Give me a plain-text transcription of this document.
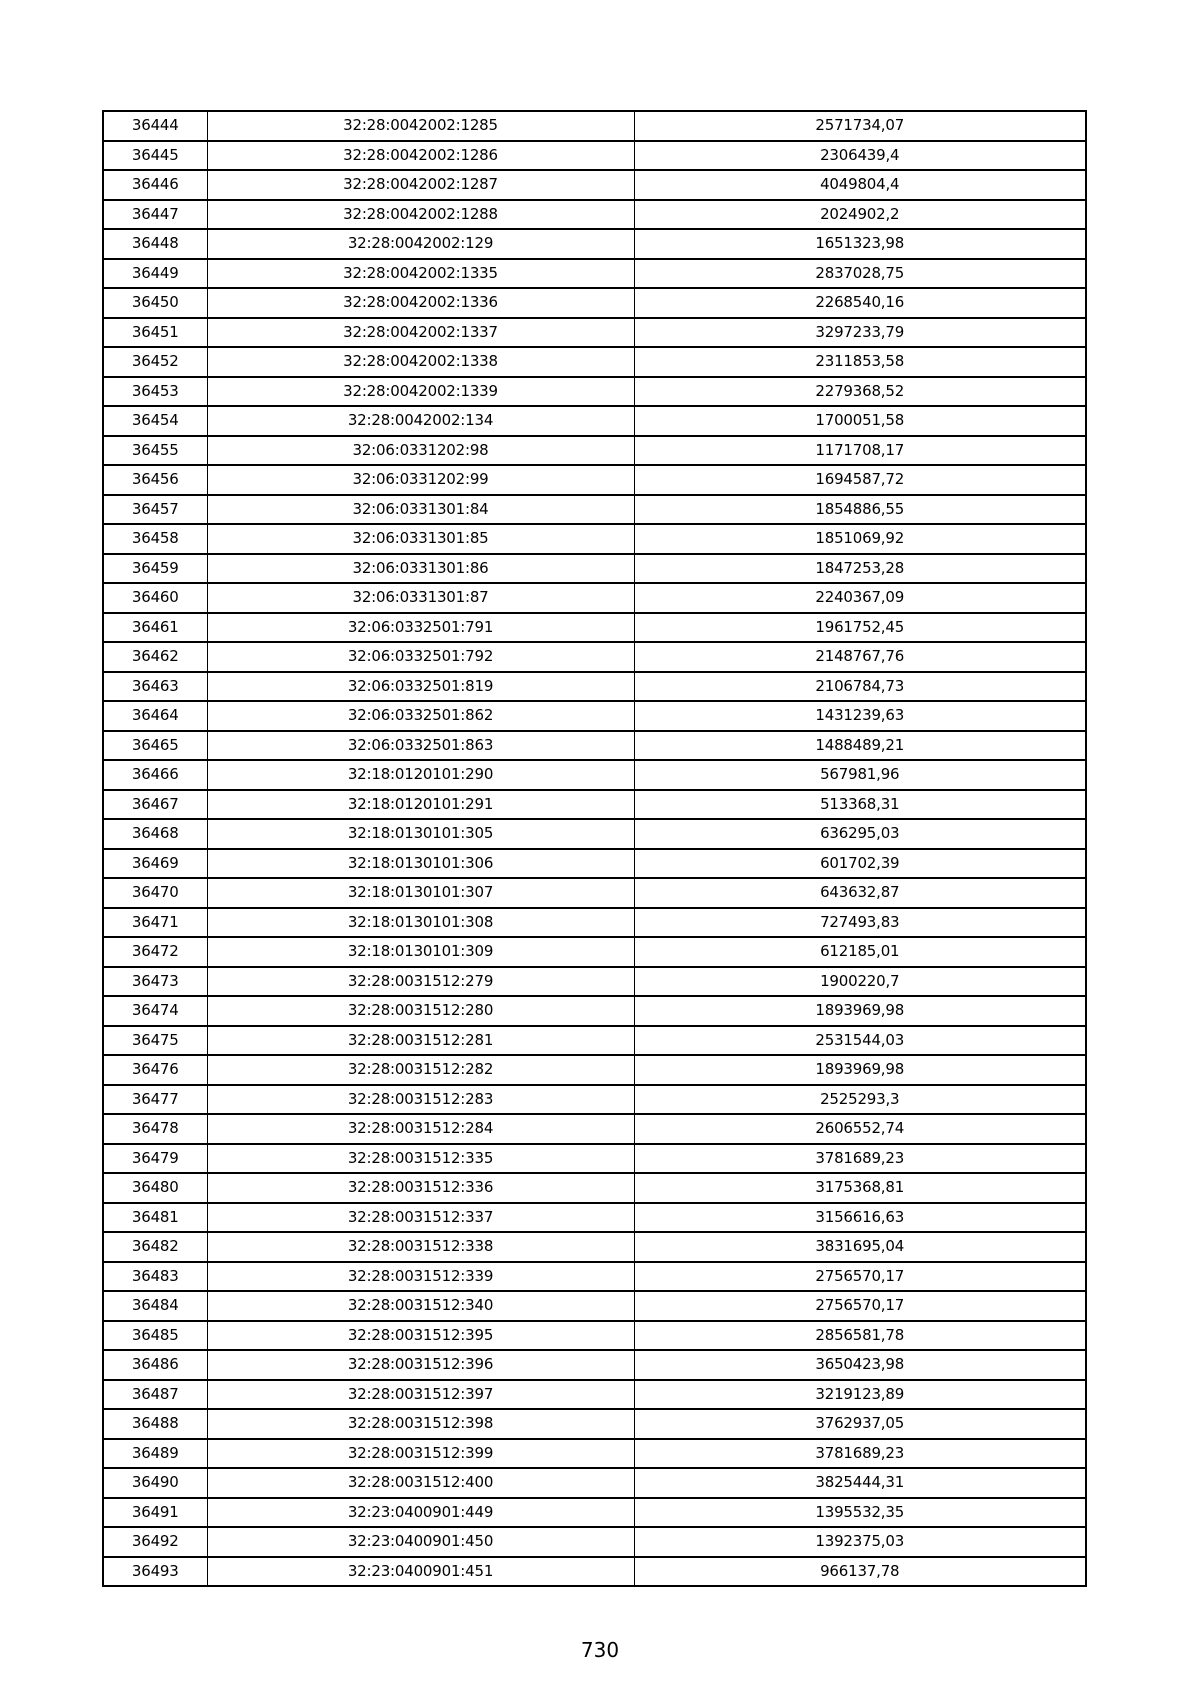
36444	32:28:0042002:1285	2571734,07
36445	32:28:0042002:1286	2306439,4
36446	32:28:0042002:1287	4049804,4
36447	32:28:0042002:1288	2024902,2
36448	32:28:0042002:129	1651323,98
36449	32:28:0042002:1335	2837028,75
36450	32:28:0042002:1336	2268540,16
36451	32:28:0042002:1337	3297233,79
36452	32:28:0042002:1338	2311853,58
36453	32:28:0042002:1339	2279368,52
36454	32:28:0042002:134	1700051,58
36455	32:06:0331202:98	1171708,17
36456	32:06:0331202:99	1694587,72
36457	32:06:0331301:84	1854886,55
36458	32:06:0331301:85	1851069,92
36459	32:06:0331301:86	1847253,28
36460	32:06:0331301:87	2240367,09
36461	32:06:0332501:791	1961752,45
36462	32:06:0332501:792	2148767,76
36463	32:06:0332501:819	2106784,73
36464	32:06:0332501:862	1431239,63
36465	32:06:0332501:863	1488489,21
36466	32:18:0120101:290	567981,96
36467	32:18:0120101:291	513368,31
36468	32:18:0130101:305	636295,03
36469	32:18:0130101:306	601702,39
36470	32:18:0130101:307	643632,87
36471	32:18:0130101:308	727493,83
36472	32:18:0130101:309	612185,01
36473	32:28:0031512:279	1900220,7
36474	32:28:0031512:280	1893969,98
36475	32:28:0031512:281	2531544,03
36476	32:28:0031512:282	1893969,98
36477	32:28:0031512:283	2525293,3
36478	32:28:0031512:284	2606552,74
36479	32:28:0031512:335	3781689,23
36480	32:28:0031512:336	3175368,81
36481	32:28:0031512:337	3156616,63
36482	32:28:0031512:338	3831695,04
36483	32:28:0031512:339	2756570,17
36484	32:28:0031512:340	2756570,17
36485	32:28:0031512:395	2856581,78
36486	32:28:0031512:396	3650423,98
36487	32:28:0031512:397	3219123,89
36488	32:28:0031512:398	3762937,05
36489	32:28:0031512:399	3781689,23
36490	32:28:0031512:400	3825444,31
36491	32:23:0400901:449	1395532,35
36492	32:23:0400901:450	1392375,03
36493	32:23:0400901:451	966137,78
730
